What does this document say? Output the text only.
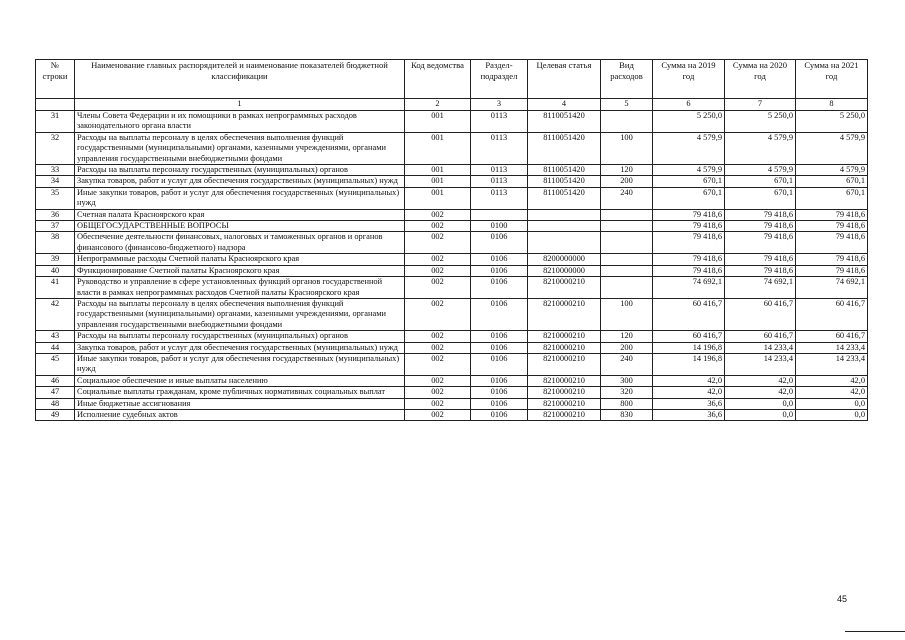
№ строки	Наименование главных распорядителей и наименование показателей бюджетной классификации	Код ведомства	Раздел-подраздел	Целевая статья	Вид расходов	Сумма на 2019 год	Сумма на 2020 год	Сумма на 2021 год
	1	2	3	4	5	6	7	8
31	Члены Совета Федерации и их помощники в рамках непрограммных расходов законодательного органа власти	001	0113	8110051420		5 250,0	5 250,0	5 250,0
32	Расходы на выплаты персоналу в целях обеспечения выполнения функций государственными (муниципальными) органами, казенными учреждениями, органами управления государственными внебюджетными фондами	001	0113	8110051420	100	4 579,9	4 579,9	4 579,9
33	Расходы на выплаты персоналу государственных (муниципальных) органов	001	0113	8110051420	120	4 579,9	4 579,9	4 579,9
34	Закупка товаров, работ и услуг для обеспечения государственных (муниципальных) нужд	001	0113	8110051420	200	670,1	670,1	670,1
35	Иные закупки товаров, работ и услуг для обеспечения государственных (муниципальных) нужд	001	0113	8110051420	240	670,1	670,1	670,1
36	Счетная палата Красноярского края	002				79 418,6	79 418,6	79 418,6
37	ОБЩЕГОСУДАРСТВЕННЫЕ ВОПРОСЫ	002	0100			79 418,6	79 418,6	79 418,6
38	Обеспечение деятельности финансовых, налоговых и таможенных органов и органов финансового (финансово-бюджетного) надзора	002	0106			79 418,6	79 418,6	79 418,6
39	Непрограммные расходы Счетной палаты Красноярского края	002	0106	8200000000		79 418,6	79 418,6	79 418,6
40	Функционирование Счетной палаты Красноярского края	002	0106	8210000000		79 418,6	79 418,6	79 418,6
41	Руководство и управление в сфере установленных функций органов государственной власти в рамках непрограммных расходов Счетной палаты Красноярского края	002	0106	8210000210		74 692,1	74 692,1	74 692,1
42	Расходы на выплаты персоналу в целях обеспечения выполнения функций государственными (муниципальными) органами, казенными учреждениями, органами управления государственными внебюджетными фондами	002	0106	8210000210	100	60 416,7	60 416,7	60 416,7
43	Расходы на выплаты персоналу государственных (муниципальных) органов	002	0106	8210000210	120	60 416,7	60 416,7	60 416,7
44	Закупка товаров, работ и услуг для обеспечения государственных (муниципальных) нужд	002	0106	8210000210	200	14 196,8	14 233,4	14 233,4
45	Иные закупки товаров, работ и услуг для обеспечения государственных (муниципальных) нужд	002	0106	8210000210	240	14 196,8	14 233,4	14 233,4
46	Социальное обеспечение и иные выплаты населению	002	0106	8210000210	300	42,0	42,0	42,0
47	Социальные выплаты гражданам, кроме публичных нормативных социальных выплат	002	0106	8210000210	320	42,0	42,0	42,0
48	Иные бюджетные ассигнования	002	0106	8210000210	800	36,6	0,0	0,0
49	Исполнение судебных актов	002	0106	8210000210	830	36,6	0,0	0,0
45
